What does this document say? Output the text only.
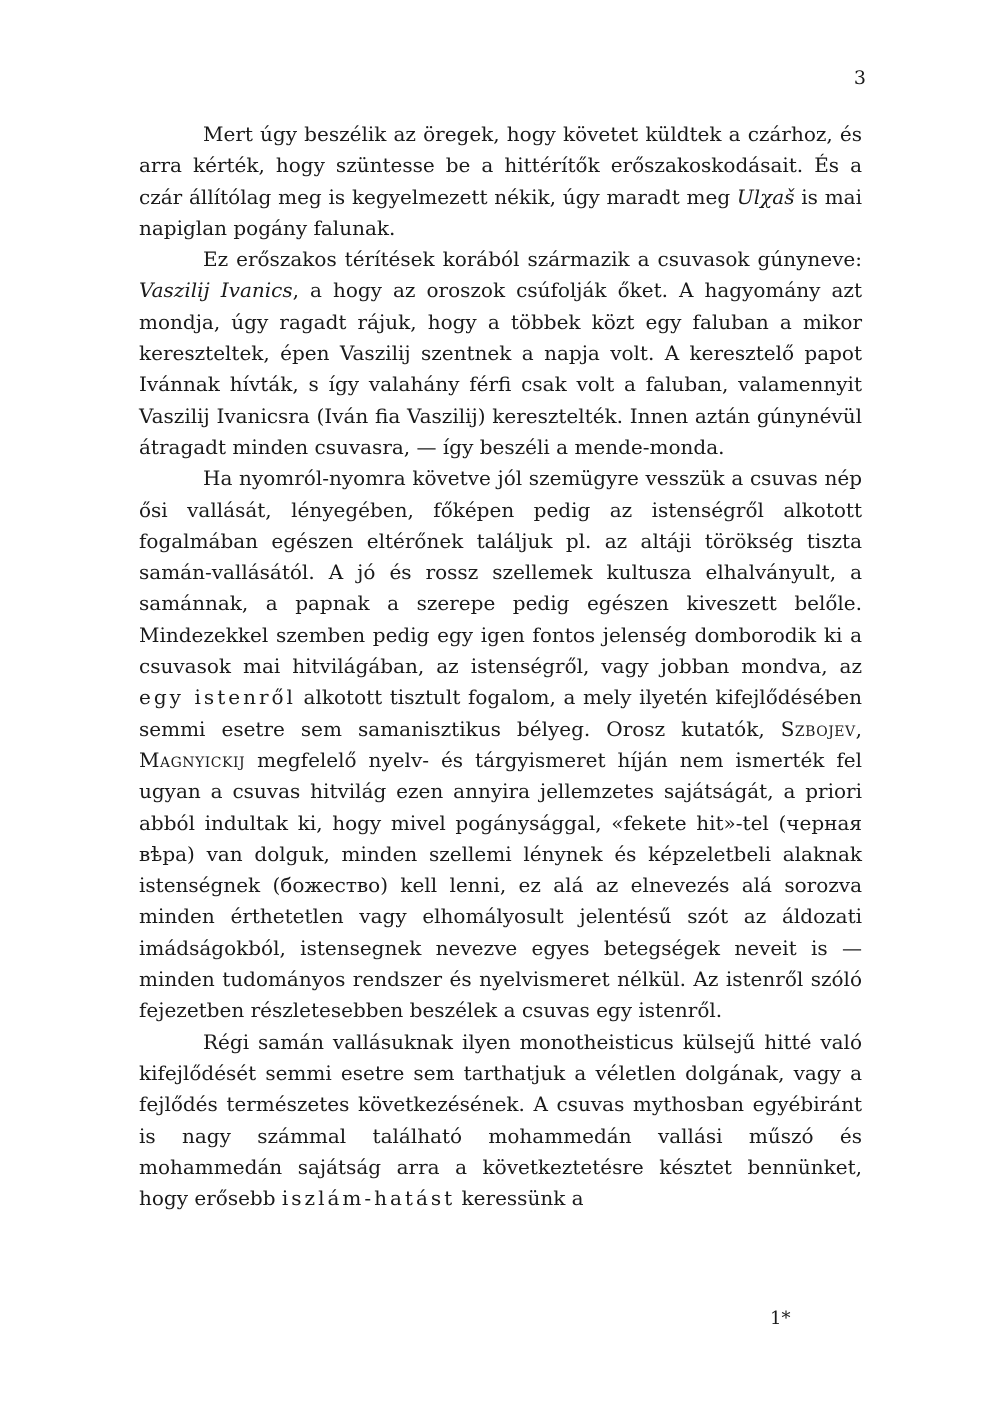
3

Mert úgy beszélik az öregek, hogy követet küldtek a czárhoz, és arra kérték, hogy szüntesse be a hittérítők erőszakoskodásait. És a czár állítólag meg is kegyelmezett nékik, úgy maradt meg Ulχaš is mai napiglan pogány falunak.

Ez erőszakos térítések korából származik a csuvasok gúnyneve: Vaszilij Ivanics, a hogy az oroszok csúfolják őket. A hagyomány azt mondja, úgy ragadt rájuk, hogy a többek közt egy faluban a mikor kereszteltek, épen Vaszilij szentnek a napja volt. A keresztelő papot Ivánnak hívták, s így valahány férfi csak volt a faluban, valamennyit Vaszilij Ivanicsra (Iván fia Vaszilij) keresztelték. Innen aztán gúnynévül átragadt minden csuvasra, — így beszéli a mende-monda.

Ha nyomról-nyomra követve jól szemügyre vesszük a csuvas nép ősi vallását, lényegében, főképen pedig az istenségről alkotott fogalmában egészen eltérőnek találjuk pl. az altáji törökség tiszta samán-vallásától. A jó és rossz szellemek kultusza elhalványult, a samánnak, a papnak a szerepe pedig egészen kiveszett belőle. Mindezekkel szemben pedig egy igen fontos jelenség domborodik ki a csuvasok mai hitvilágában, az istenségről, vagy jobban mondva, az egy istenről alkotott tisztult fogalom, a mely ilyetén kifejlődésében semmi esetre sem samanisztikus bélyeg. Orosz kutatók, Szbojev, Magnyickij megfelelő nyelv- és tárgyismeret híján nem ismerték fel ugyan a csuvas hitvilág ezen annyira jellemzetes sajátságát, a priori abból indultak ki, hogy mivel pogánysággal, «fekete hit»-tel (черная вѣра) van dolguk, minden szellemi lénynek és képzeletbeli alaknak istenségnek (божество) kell lenni, ez alá az elnevezés alá sorozva minden érthetetlen vagy elhomályosult jelentésű szót az áldozati imádságokból, istensegnek nevezve egyes betegségek neveit is — minden tudományos rendszer és nyelvismeret nélkül. Az istenről szóló fejezetben részletesebben beszélek a csuvas egy istenről.

Régi samán vallásuknak ilyen monotheisticus külsejű hitté való kifejlődését semmi esetre sem tarthatjuk a véletlen dolgának, vagy a fejlődés természetes következésének. A csuvas mythosban egyébiránt is nagy számmal található mohammedán vallási műszó és mohammedán sajátság arra a következtetésre késztet bennünket, hogy erősebb iszlám-hatást keressünk a

1*
